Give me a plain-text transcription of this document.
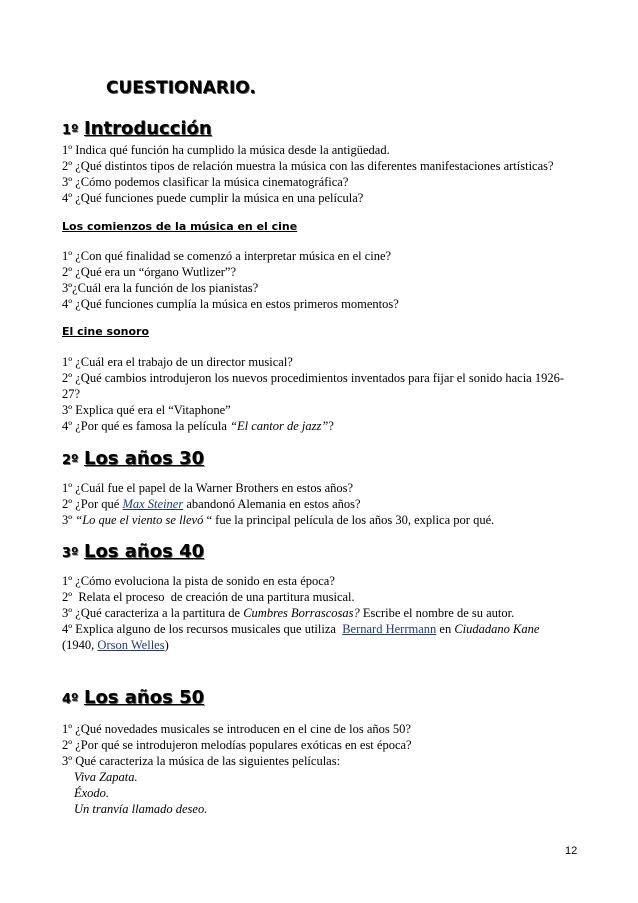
CUESTIONARIO.
1º Introducción
1º Indica qué función ha cumplido la música desde la antigüedad.
2º ¿Qué distintos tipos de relación muestra la música con las diferentes manifestaciones artísticas?
3º ¿Cómo podemos clasificar la música cinematográfica?
4º ¿Qué funciones puede cumplir la música en una película?
Los comienzos de la música en el cine
1º ¿Con qué finalidad se comenzó a interpretar música en el cine?
2º ¿Qué era un “órgano Wutlizer”?
3º¿Cuál era la función de los pianistas?
4º ¿Qué funciones cumplía la música en estos primeros momentos?
El cine sonoro
1º ¿Cuál era el trabajo de un director musical?
2º ¿Qué cambios introdujeron los nuevos procedimientos inventados para fijar el sonido hacia 1926-27?
3º Explica qué era el “Vitaphone”
4º ¿Por qué es famosa la película “El cantor de jazz”?
2º Los años 30
1º ¿Cuál fue el papel de la Warner Brothers en estos años?
2º ¿Por qué Max Steiner abandonó Alemania en estos años?
3º “Lo que el viento se llevó “ fue la principal película de los años 30, explica por qué.
3º Los años 40
1º ¿Cómo evoluciona la pista de sonido en esta época?
2º  Relata el proceso  de creación de una partitura musical.
3º ¿Qué caracteriza a la partitura de Cumbres Borrascosas? Escribe el nombre de su autor.
4º Explica alguno de los recursos musicales que utiliza  Bernard Herrmann en Ciudadano Kane
(1940, Orson Welles)
4º Los años 50
1º ¿Qué novedades musicales se introducen en el cine de los años 50?
2º ¿Por qué se introdujeron melodías populares exóticas en est época?
3º Qué caracteriza la música de las siguientes películas:
Viva Zapata.
Éxodo.
Un tranvía llamado deseo.
12
